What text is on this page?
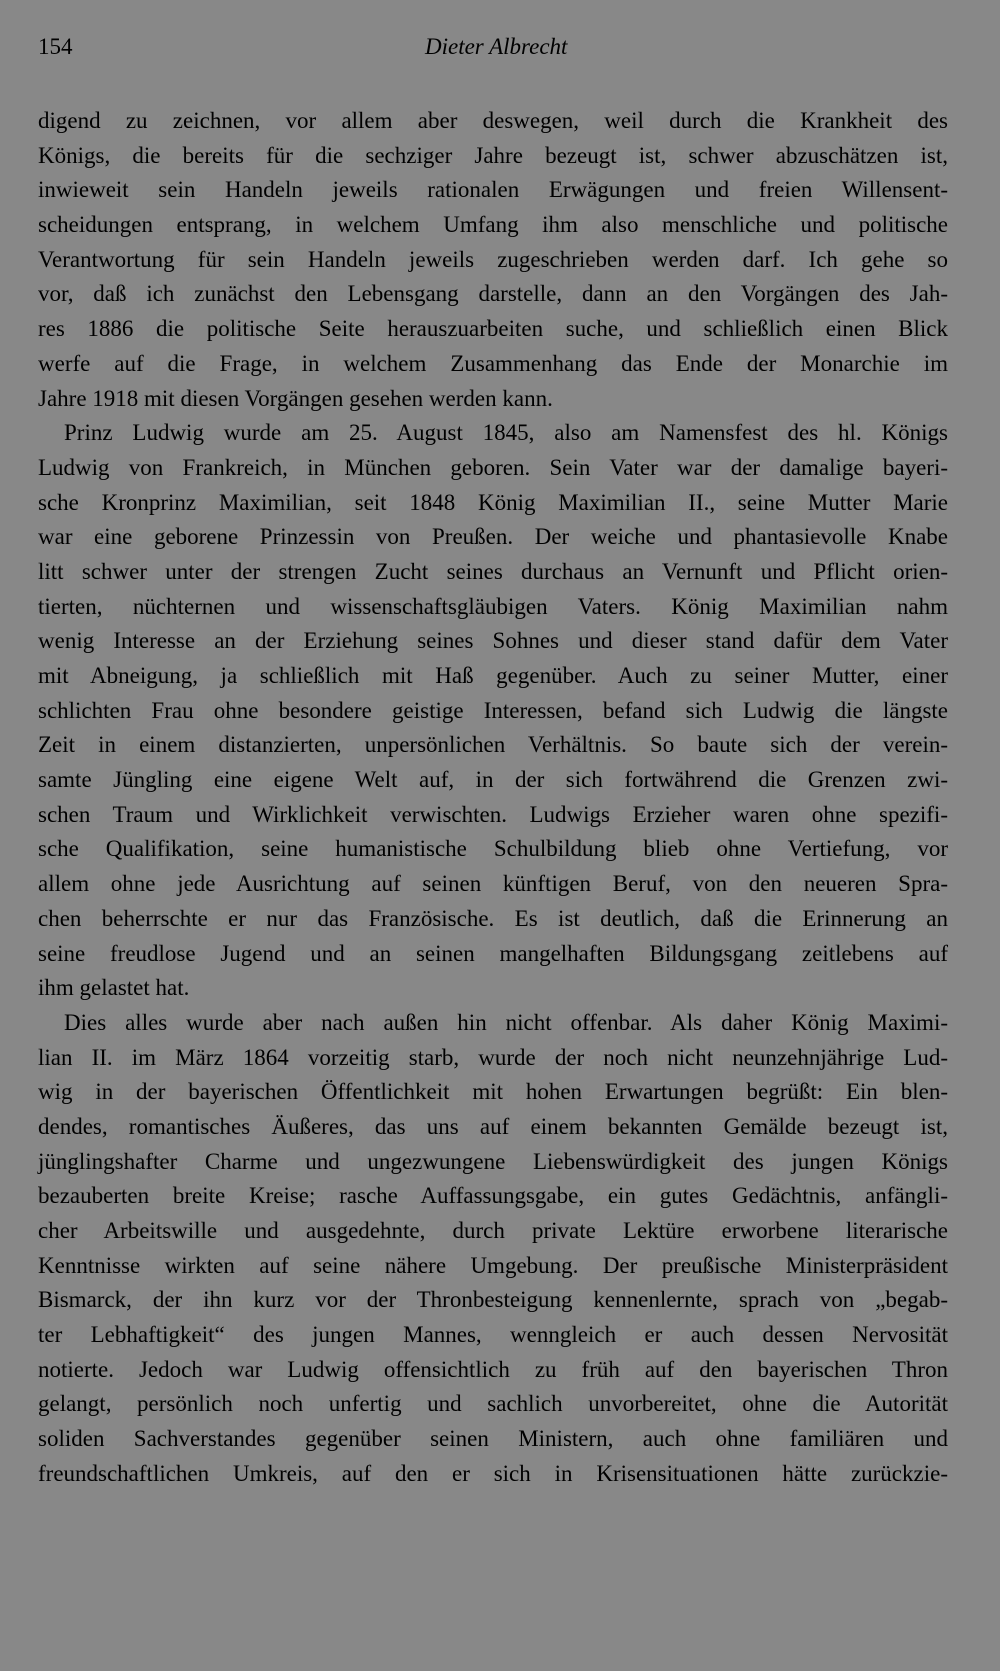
154	Dieter Albrecht
digend zu zeichnen, vor allem aber deswegen, weil durch die Krankheit des
Königs, die bereits für die sechziger Jahre bezeugt ist, schwer abzuschätzen ist,
inwieweit sein Handeln jeweils rationalen Erwägungen und freien Willensent-
scheidungen entsprang, in welchem Umfang ihm also menschliche und politische
Verantwortung für sein Handeln jeweils zugeschrieben werden darf. Ich gehe so
vor, daß ich zunächst den Lebensgang darstelle, dann an den Vorgängen des Jah-
res 1886 die politische Seite herauszuarbeiten suche, und schließlich einen Blick
werfe auf die Frage, in welchem Zusammenhang das Ende der Monarchie im
Jahre 1918 mit diesen Vorgängen gesehen werden kann.
Prinz Ludwig wurde am 25. August 1845, also am Namensfest des hl. Königs
Ludwig von Frankreich, in München geboren. Sein Vater war der damalige bayeri-
sche Kronprinz Maximilian, seit 1848 König Maximilian II., seine Mutter Marie
war eine geborene Prinzessin von Preußen. Der weiche und phantasievolle Knabe
litt schwer unter der strengen Zucht seines durchaus an Vernunft und Pflicht orien-
tierten, nüchternen und wissenschaftsgläubigen Vaters. König Maximilian nahm
wenig Interesse an der Erziehung seines Sohnes und dieser stand dafür dem Vater
mit Abneigung, ja schließlich mit Haß gegenüber. Auch zu seiner Mutter, einer
schlichten Frau ohne besondere geistige Interessen, befand sich Ludwig die längste
Zeit in einem distanzierten, unpersönlichen Verhältnis. So baute sich der verein-
samte Jüngling eine eigene Welt auf, in der sich fortwährend die Grenzen zwi-
schen Traum und Wirklichkeit verwischten. Ludwigs Erzieher waren ohne spezifi-
sche Qualifikation, seine humanistische Schulbildung blieb ohne Vertiefung, vor
allem ohne jede Ausrichtung auf seinen künftigen Beruf, von den neueren Spra-
chen beherrschte er nur das Französische. Es ist deutlich, daß die Erinnerung an
seine freudlose Jugend und an seinen mangelhaften Bildungsgang zeitlebens auf
ihm gelastet hat.
Dies alles wurde aber nach außen hin nicht offenbar. Als daher König Maximi-
lian II. im März 1864 vorzeitig starb, wurde der noch nicht neunzehnjährige Lud-
wig in der bayerischen Öffentlichkeit mit hohen Erwartungen begrüßt: Ein blen-
dendes, romantisches Äußeres, das uns auf einem bekannten Gemälde bezeugt ist,
jünglingshafter Charme und ungezwungene Liebenswürdigkeit des jungen Königs
bezauberten breite Kreise; rasche Auffassungsgabe, ein gutes Gedächtnis, anfängli-
cher Arbeitswille und ausgedehnte, durch private Lektüre erworbene literarische
Kenntnisse wirkten auf seine nähere Umgebung. Der preußische Ministerpräsident
Bismarck, der ihn kurz vor der Thronbesteigung kennenlernte, sprach von „begab-
ter Lebhaftigkeit“ des jungen Mannes, wenngleich er auch dessen Nervosität
notierte. Jedoch war Ludwig offensichtlich zu früh auf den bayerischen Thron
gelangt, persönlich noch unfertig und sachlich unvorbereitet, ohne die Autorität
soliden Sachverstandes gegenüber seinen Ministern, auch ohne familiären und
freundschaftlichen Umkreis, auf den er sich in Krisensituationen hätte zurückzie-
